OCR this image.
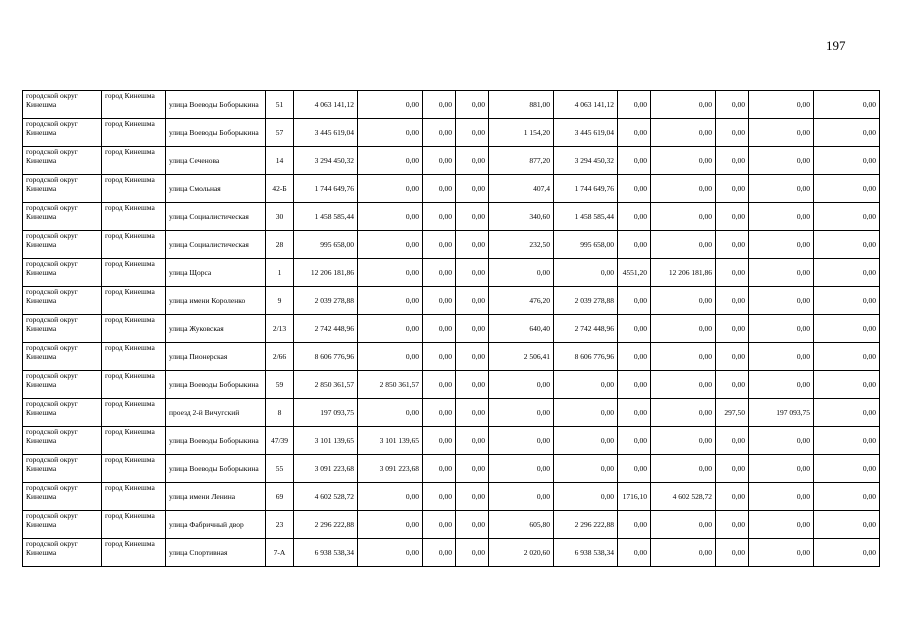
197
городской округ Кинешма	город Кинешма	улица Воеводы Боборыкина	51	4 063 141,12	0,00	0,00	0,00	881,00	4 063 141,12	0,00	0,00	0,00	0,00	0,00
городской округ Кинешма	город Кинешма	улица Воеводы Боборыкина	57	3 445 619,04	0,00	0,00	0,00	1 154,20	3 445 619,04	0,00	0,00	0,00	0,00	0,00
городской округ Кинешма	город Кинешма	улица Сеченова	14	3 294 450,32	0,00	0,00	0,00	877,20	3 294 450,32	0,00	0,00	0,00	0,00	0,00
городской округ Кинешма	город Кинешма	улица Смольная	42-Б	1 744 649,76	0,00	0,00	0,00	407,4	1 744 649,76	0,00	0,00	0,00	0,00	0,00
городской округ Кинешма	город Кинешма	улица Социалистическая	30	1 458 585,44	0,00	0,00	0,00	340,60	1 458 585,44	0,00	0,00	0,00	0,00	0,00
городской округ Кинешма	город Кинешма	улица Социалистическая	28	995 658,00	0,00	0,00	0,00	232,50	995 658,00	0,00	0,00	0,00	0,00	0,00
городской округ Кинешма	город Кинешма	улица Щорса	1	12 206 181,86	0,00	0,00	0,00	0,00	0,00	4551,20	12 206 181,86	0,00	0,00	0,00
городской округ Кинешма	город Кинешма	улица имени Короленко	9	2 039 278,88	0,00	0,00	0,00	476,20	2 039 278,88	0,00	0,00	0,00	0,00	0,00
городской округ Кинешма	город Кинешма	улица Жуковская	2/13	2 742 448,96	0,00	0,00	0,00	640,40	2 742 448,96	0,00	0,00	0,00	0,00	0,00
городской округ Кинешма	город Кинешма	улица Пионерская	2/66	8 606 776,96	0,00	0,00	0,00	2 506,41	8 606 776,96	0,00	0,00	0,00	0,00	0,00
городской округ Кинешма	город Кинешма	улица Воеводы Боборыкина	59	2 850 361,57	2 850 361,57	0,00	0,00	0,00	0,00	0,00	0,00	0,00	0,00	0,00
городской округ Кинешма	город Кинешма	проезд 2-й Вичугский	8	197 093,75	0,00	0,00	0,00	0,00	0,00	0,00	0,00	297,50	197 093,75	0,00
городской округ Кинешма	город Кинешма	улица Воеводы Боборыкина	47/39	3 101 139,65	3 101 139,65	0,00	0,00	0,00	0,00	0,00	0,00	0,00	0,00	0,00
городской округ Кинешма	город Кинешма	улица Воеводы Боборыкина	55	3 091 223,68	3 091 223,68	0,00	0,00	0,00	0,00	0,00	0,00	0,00	0,00	0,00
городской округ Кинешма	город Кинешма	улица имени Ленина	69	4 602 528,72	0,00	0,00	0,00	0,00	0,00	1716,10	4 602 528,72	0,00	0,00	0,00
городской округ Кинешма	город Кинешма	улица Фабричный двор	23	2 296 222,88	0,00	0,00	0,00	605,80	2 296 222,88	0,00	0,00	0,00	0,00	0,00
городской округ Кинешма	город Кинешма	улица Спортивная	7-А	6 938 538,34	0,00	0,00	0,00	2 020,60	6 938 538,34	0,00	0,00	0,00	0,00	0,00
